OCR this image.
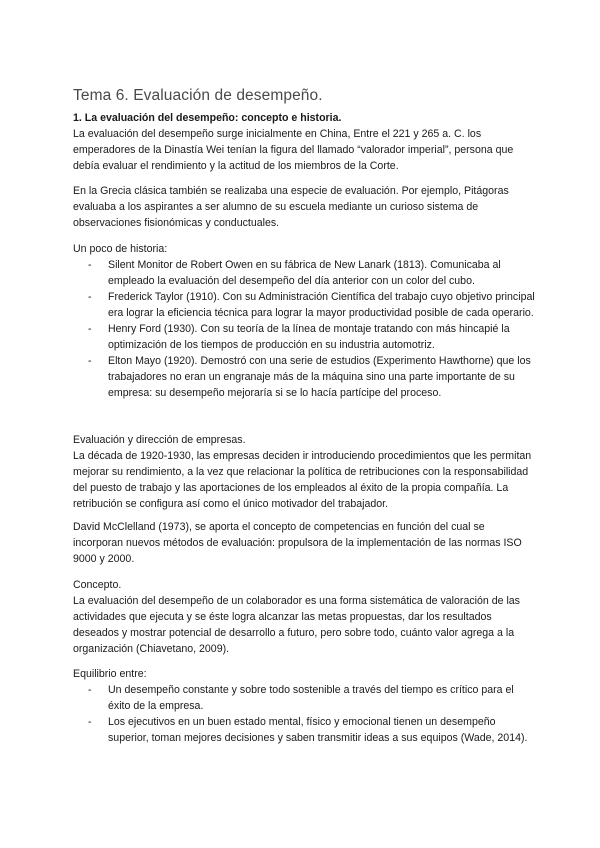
Tema 6. Evaluación de desempeño.

1. La evaluación del desempeño: concepto e historia.

La evaluación del desempeño surge inicialmente en China, Entre el 221 y 265 a. C. los emperadores de la Dinastía Wei tenían la figura del llamado “valorador imperial”, persona que debía evaluar el rendimiento y la actitud de los miembros de la Corte.

En la Grecia clásica también se realizaba una especie de evaluación. Por ejemplo, Pitágoras evaluaba a los aspirantes a ser alumno de su escuela mediante un curioso sistema de observaciones fisionómicas y conductuales.

Un poco de historia:

- Silent Monitor de Robert Owen en su fábrica de New Lanark (1813). Comunicaba al empleado la evaluación del desempeño del día anterior con un color del cubo.
- Frederick Taylor (1910). Con su Administración Científica del trabajo cuyo objetivo principal era lograr la eficiencia técnica para lograr la mayor productividad posible de cada operario.
- Henry Ford (1930). Con su teoría de la línea de montaje tratando con más hincapié la optimización de los tiempos de producción en su industria automotriz.
- Elton Mayo (1920). Demostró con una serie de estudios (Experimento Hawthorne) que los trabajadores no eran un engranaje más de la máquina sino una parte importante de su empresa: su desempeño mejoraría si se lo hacía partícipe del proceso.

Evaluación y dirección de empresas.

La década de 1920-1930, las empresas deciden ir introduciendo procedimientos que les permitan mejorar su rendimiento, a la vez que relacionar la política de retribuciones con la responsabilidad del puesto de trabajo y las aportaciones de los empleados al éxito de la propia compañía. La retribución se configura así como el único motivador del trabajador.

David McClelland (1973), se aporta el concepto de competencias en función del cual se incorporan nuevos métodos de evaluación: propulsora de la implementación de las normas ISO 9000 y 2000.

Concepto.

La evaluación del desempeño de un colaborador es una forma sistemática de valoración de las actividades que ejecuta y se éste logra alcanzar las metas propuestas, dar los resultados deseados y mostrar potencial de desarrollo a futuro, pero sobre todo, cuánto valor agrega a la organización (Chiavetano, 2009).

Equilibrio entre:

- Un desempeño constante y sobre todo sostenible a través del tiempo es crítico para el éxito de la empresa.
- Los ejecutivos en un buen estado mental, físico y emocional tienen un desempeño superior, toman mejores decisiones y saben transmitir ideas a sus equipos (Wade, 2014).
